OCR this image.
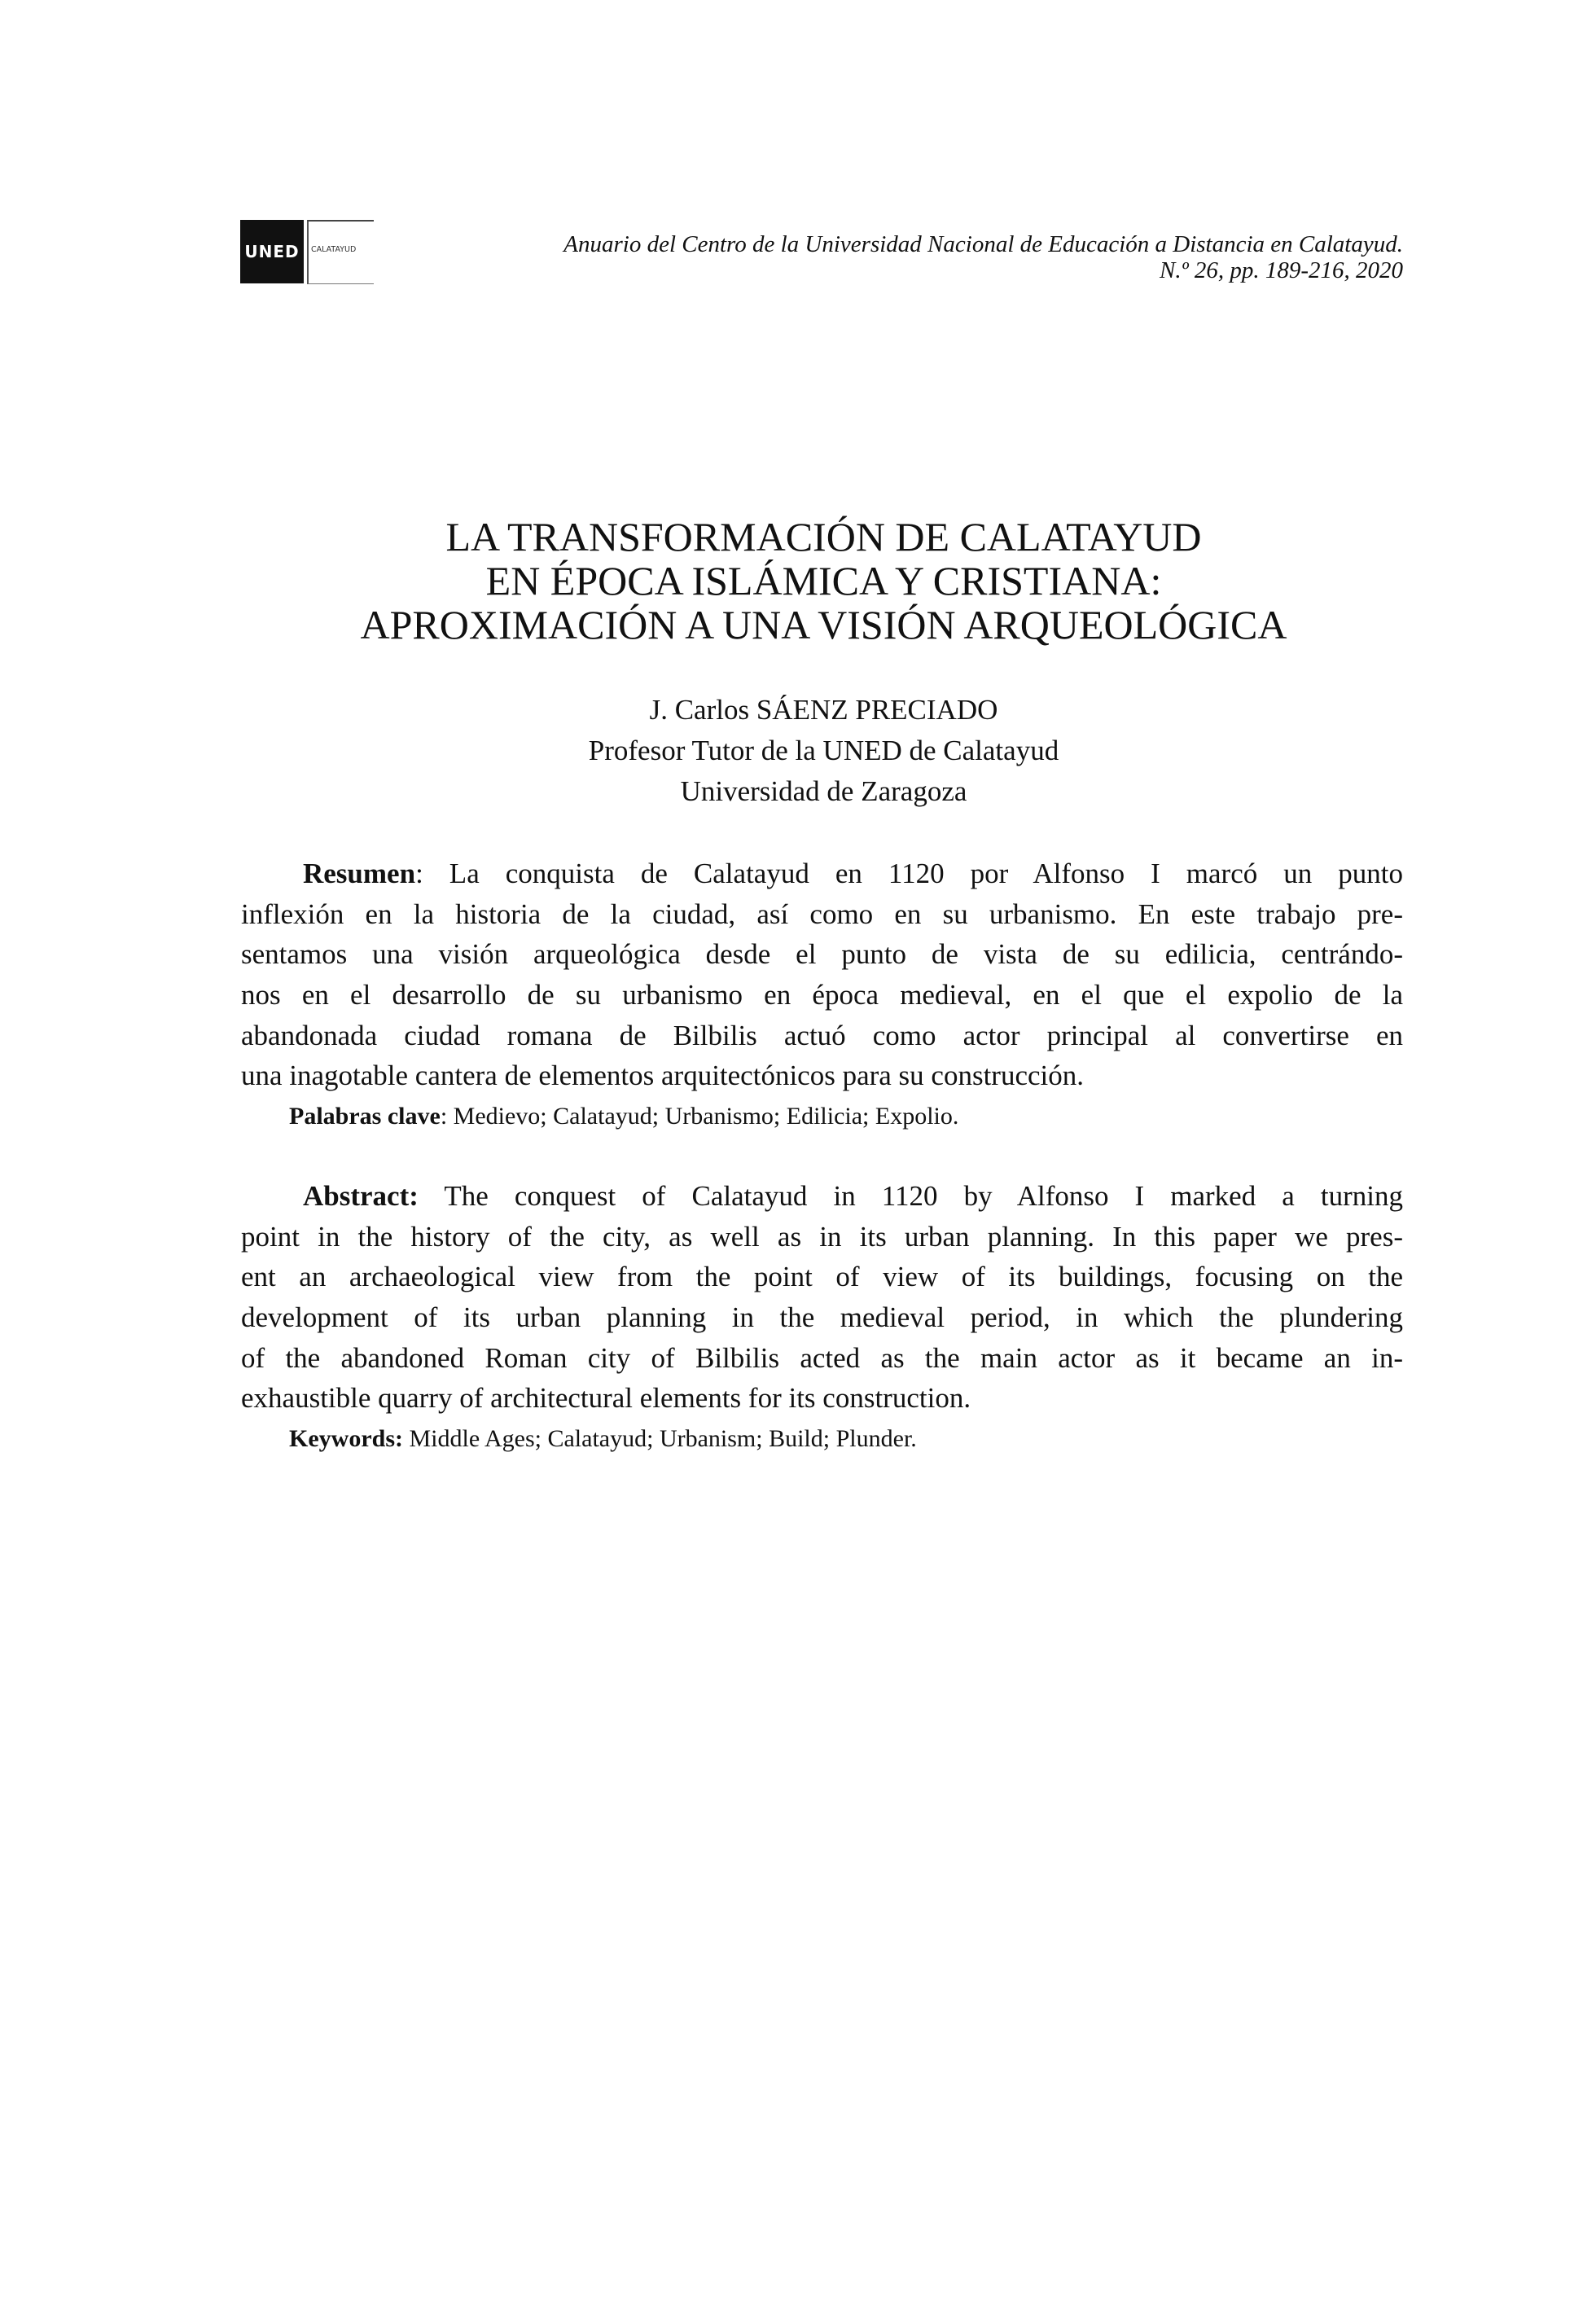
UNED	CALATAYUD	Anuario del Centro de la Universidad Nacional de Educación a Distancia en Calatayud.
N.º 26, pp. 189-216, 2020
LA TRANSFORMACIÓN DE CALATAYUD
EN ÉPOCA ISLÁMICA Y CRISTIANA:
APROXIMACIÓN A UNA VISIÓN ARQUEOLÓGICA
J. Carlos SÁENZ PRECIADO
Profesor Tutor de la UNED de Calatayud
Universidad de Zaragoza
Resumen: La conquista de Calatayud en 1120 por Alfonso I marcó un punto
inflexión en la historia de la ciudad, así como en su urbanismo. En este trabajo pre-
sentamos una visión arqueológica desde el punto de vista de su edilicia, centrándo-
nos en el desarrollo de su urbanismo en época medieval, en el que el expolio de la
abandonada ciudad romana de Bilbilis actuó como actor principal al convertirse en
una inagotable cantera de elementos arquitectónicos para su construcción.
Palabras clave: Medievo; Calatayud; Urbanismo; Edilicia; Expolio.
Abstract: The conquest of Calatayud in 1120 by Alfonso I marked a turning
point in the history of the city, as well as in its urban planning. In this paper we pres-
ent an archaeological view from the point of view of its buildings, focusing on the
development of its urban planning in the medieval period, in which the plundering
of the abandoned Roman city of Bilbilis acted as the main actor as it became an in-
exhaustible quarry of architectural elements for its construction.
Keywords: Middle Ages; Calatayud; Urbanism; Build; Plunder.
